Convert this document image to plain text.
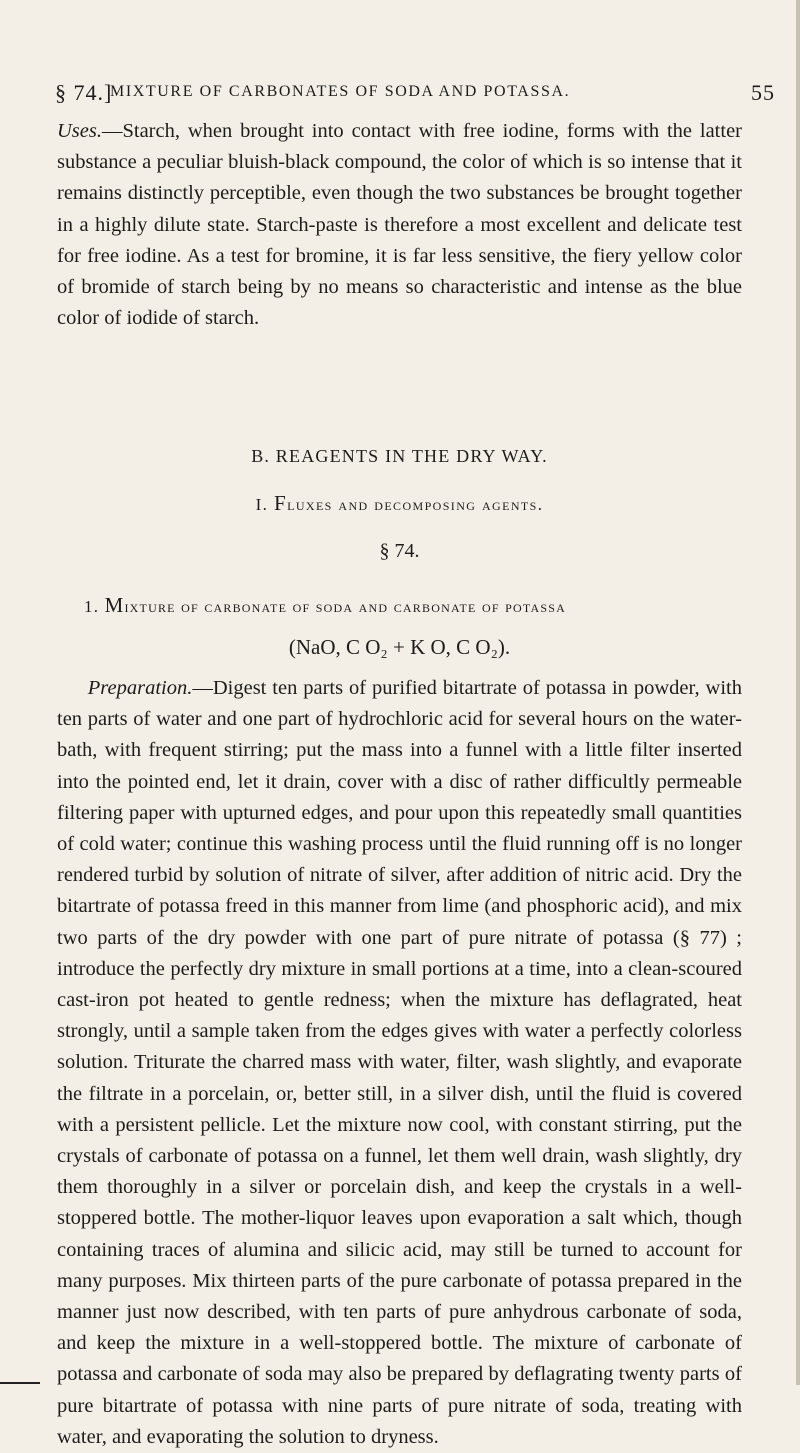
§ 74.]
MIXTURE OF CARBONATES OF SODA AND POTASSA.	55

Uses.—Starch, when brought into contact with free iodine, forms with the latter substance a peculiar bluish-black compound, the color of which is so intense that it remains distinctly perceptible, even though the two substances be brought together in a highly dilute state. Starch-paste is therefore a most excellent and delicate test for free iodine. As a test for bromine, it is far less sensitive, the fiery yellow color of bromide of starch being by no means so characteristic and intense as the blue color of iodide of starch.

B. REAGENTS IN THE DRY WAY.
I. Fluxes and decomposing agents.
§ 74.
1. Mixture of carbonate of soda and carbonate of potassa
(NaO, C O₂ + K O, C O₂).

Preparation.—Digest ten parts of purified bitartrate of potassa in powder, with ten parts of water and one part of hydrochloric acid for several hours on the water-bath, with frequent stirring; put the mass into a funnel with a little filter inserted into the pointed end, let it drain, cover with a disc of rather difficultly permeable filtering paper with upturned edges, and pour upon this repeatedly small quantities of cold water; continue this washing process until the fluid running off is no longer rendered turbid by solution of nitrate of silver, after addition of nitric acid. Dry the bitartrate of potassa freed in this manner from lime (and phosphoric acid), and mix two parts of the dry powder with one part of pure nitrate of potassa (§ 77) ; introduce the perfectly dry mixture in small portions at a time, into a clean-scoured cast-iron pot heated to gentle redness; when the mixture has deflagrated, heat strongly, until a sample taken from the edges gives with water a perfectly colorless solution. Triturate the charred mass with water, filter, wash slightly, and evaporate the filtrate in a porcelain, or, better still, in a silver dish, until the fluid is covered with a persistent pellicle. Let the mixture now cool, with constant stirring, put the crystals of carbonate of potassa on a funnel, let them well drain, wash slightly, dry them thoroughly in a silver or porcelain dish, and keep the crystals in a well-stoppered bottle. The mother-liquor leaves upon evaporation a salt which, though containing traces of alumina and silicic acid, may still be turned to account for many purposes. Mix thirteen parts of the pure carbonate of potassa prepared in the manner just now described, with ten parts of pure anhydrous carbonate of soda, and keep the mixture in a well-stoppered bottle. The mixture of carbonate of potassa and carbonate of soda may also be prepared by deflagrating twenty parts of pure bitartrate of potassa with nine parts of pure nitrate of soda, treating with water, and evaporating the solution to dryness.
